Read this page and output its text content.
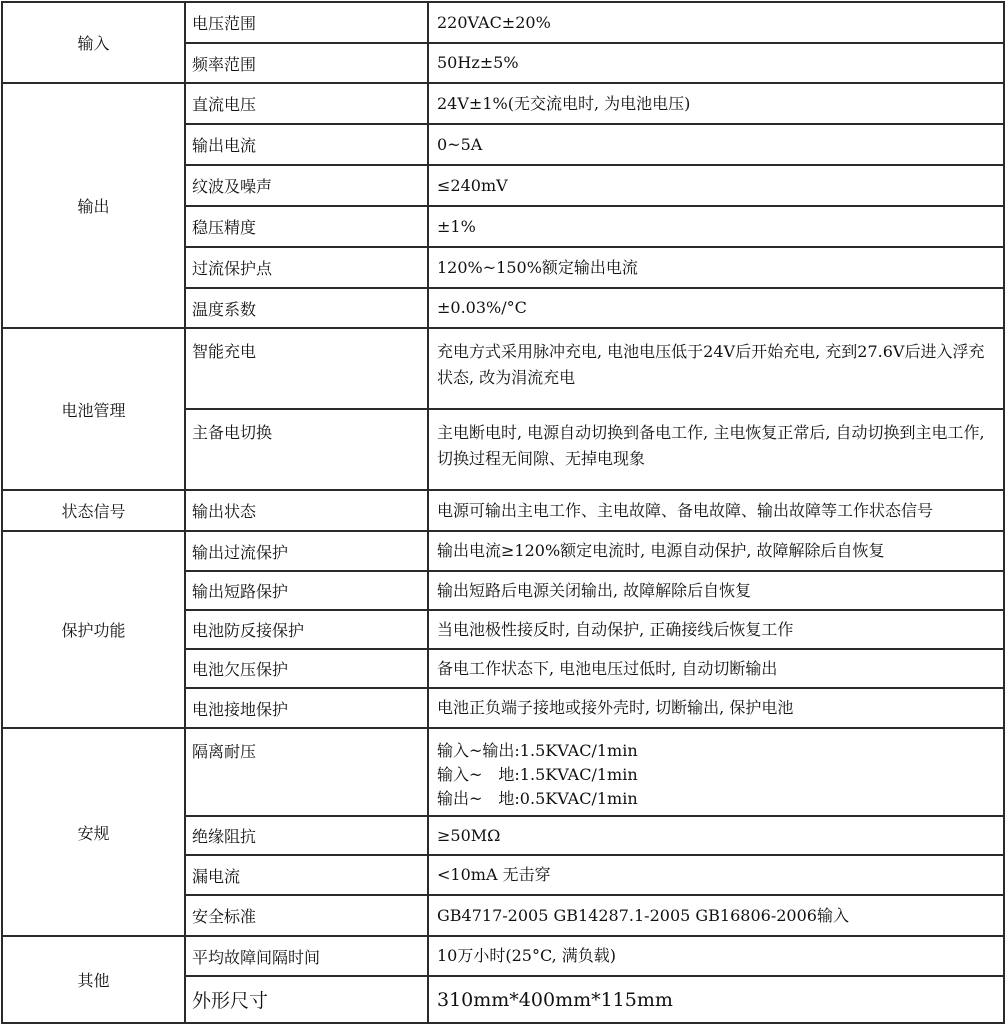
输入	电压范围	220VAC±20%
	频率范围	50Hz±5%
输出	直流电压	24V±1%(无交流电时, 为电池电压)
	输出电流	0~5A
	纹波及噪声	≤240mV
	稳压精度	±1%
	过流保护点	120%~150%额定输出电流
	温度系数	±0.03%/°C
电池管理	智能充电	充电方式采用脉冲充电, 电池电压低于24V后开始充电, 充到27.6V后进入浮充状态, 改为涓流充电

	主备电切换	主电断电时, 电源自动切换到备电工作, 主电恢复正常后, 自动切换到主电工作, 切换过程无间隙、无掉电现象

状态信号	输出状态	电源可输出主电工作、主电故障、备电故障、输出故障等工作状态信号
保护功能	输出过流保护	输出电流≥120%额定电流时, 电源自动保护, 故障解除后自恢复
	输出短路保护	输出短路后电源关闭输出, 故障解除后自恢复
	电池防反接保护	当电池极性接反时, 自动保护, 正确接线后恢复工作
	电池欠压保护	备电工作状态下, 电池电压过低时, 自动切断输出
	电池接地保护	电池正负端子接地或接外壳时, 切断输出, 保护电池
安规	隔离耐压	输入~输出:1.5KVAC/1min
输入~　地:1.5KVAC/1min
输出~　地:0.5KVAC/1min

	绝缘阻抗	≥50MΩ
	漏电流	<10mA 无击穿
	安全标准	GB4717-2005 GB14287.1-2005 GB16806-2006输入
其他	平均故障间隔时间	10万小时(25°C, 满负载)
	外形尺寸	310mm*400mm*115mm
